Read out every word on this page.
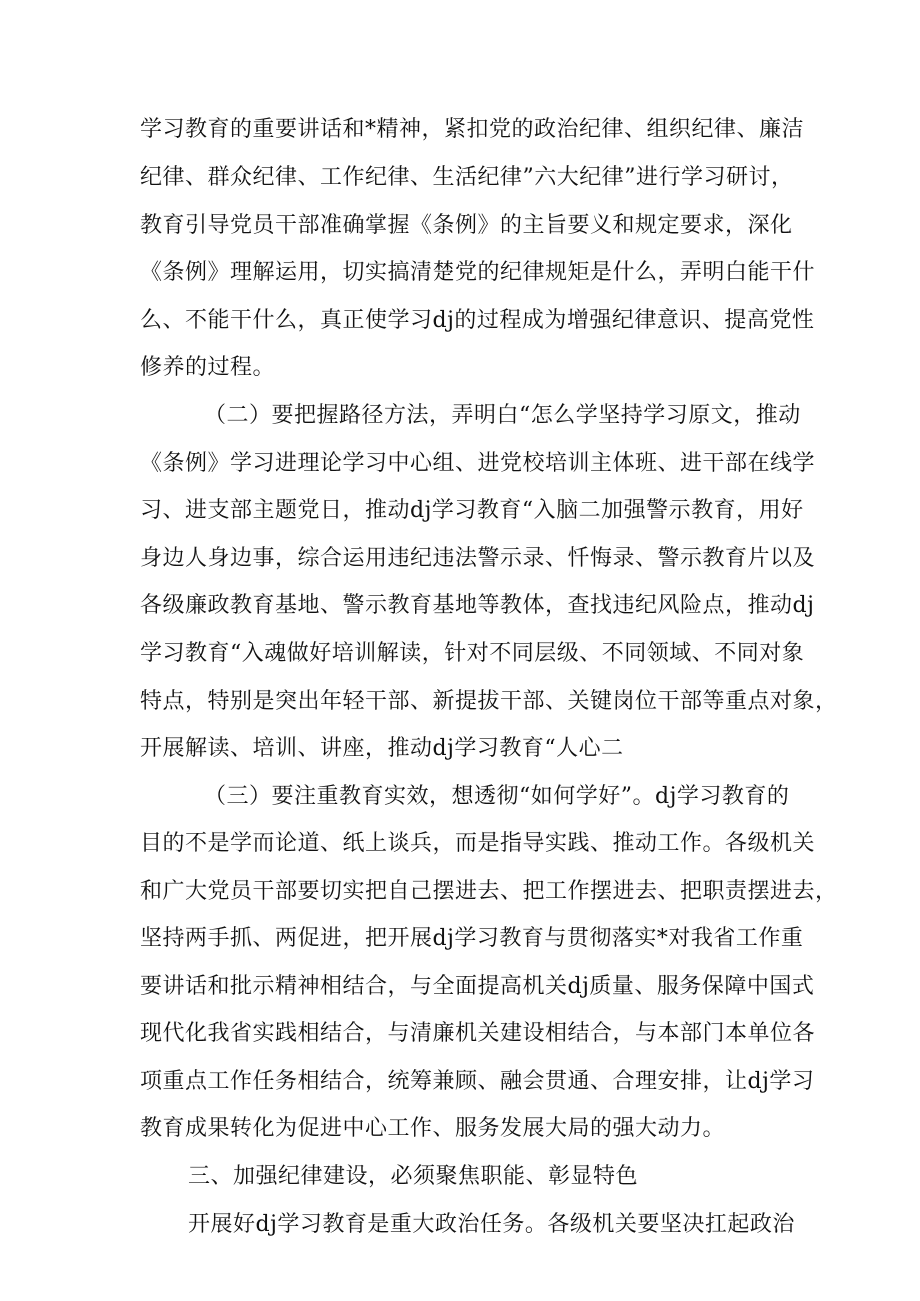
学习教育的重要讲话和*精神，紧扣党的政治纪律、组织纪律、廉洁
纪律、群众纪律、工作纪律、生活纪律”六大纪律”进行学习研讨，
教育引导党员干部准确掌握《条例》的主旨要义和规定要求，深化
《条例》理解运用，切实搞清楚党的纪律规矩是什么，弄明白能干什
么、不能干什么，真正使学习dj的过程成为增强纪律意识、提高党性
修养的过程。
（二）要把握路径方法，弄明白“怎么学坚持学习原文，推动
《条例》学习进理论学习中心组、进党校培训主体班、进干部在线学
习、进支部主题党日，推动dj学习教育“入脑二加强警示教育，用好
身边人身边事，综合运用违纪违法警示录、忏悔录、警示教育片以及
各级廉政教育基地、警示教育基地等教体，查找违纪风险点，推动dj
学习教育“入魂做好培训解读，针对不同层级、不同领域、不同对象
特点，特别是突出年轻干部、新提拔干部、关键岗位干部等重点对象，
开展解读、培训、讲座，推动dj学习教育“人心二
（三）要注重教育实效，想透彻“如何学好”。dj学习教育的
目的不是学而论道、纸上谈兵，而是指导实践、推动工作。各级机关
和广大党员干部要切实把自己摆进去、把工作摆进去、把职责摆进去，
坚持两手抓、两促进，把开展dj学习教育与贯彻落实*对我省工作重
要讲话和批示精神相结合，与全面提高机关dj质量、服务保障中国式
现代化我省实践相结合，与清廉机关建设相结合，与本部门本单位各
项重点工作任务相结合，统筹兼顾、融会贯通、合理安排，让dj学习
教育成果转化为促进中心工作、服务发展大局的强大动力。
三、加强纪律建设，必须聚焦职能、彰显特色
开展好dj学习教育是重大政治任务。各级机关要坚决扛起政治
